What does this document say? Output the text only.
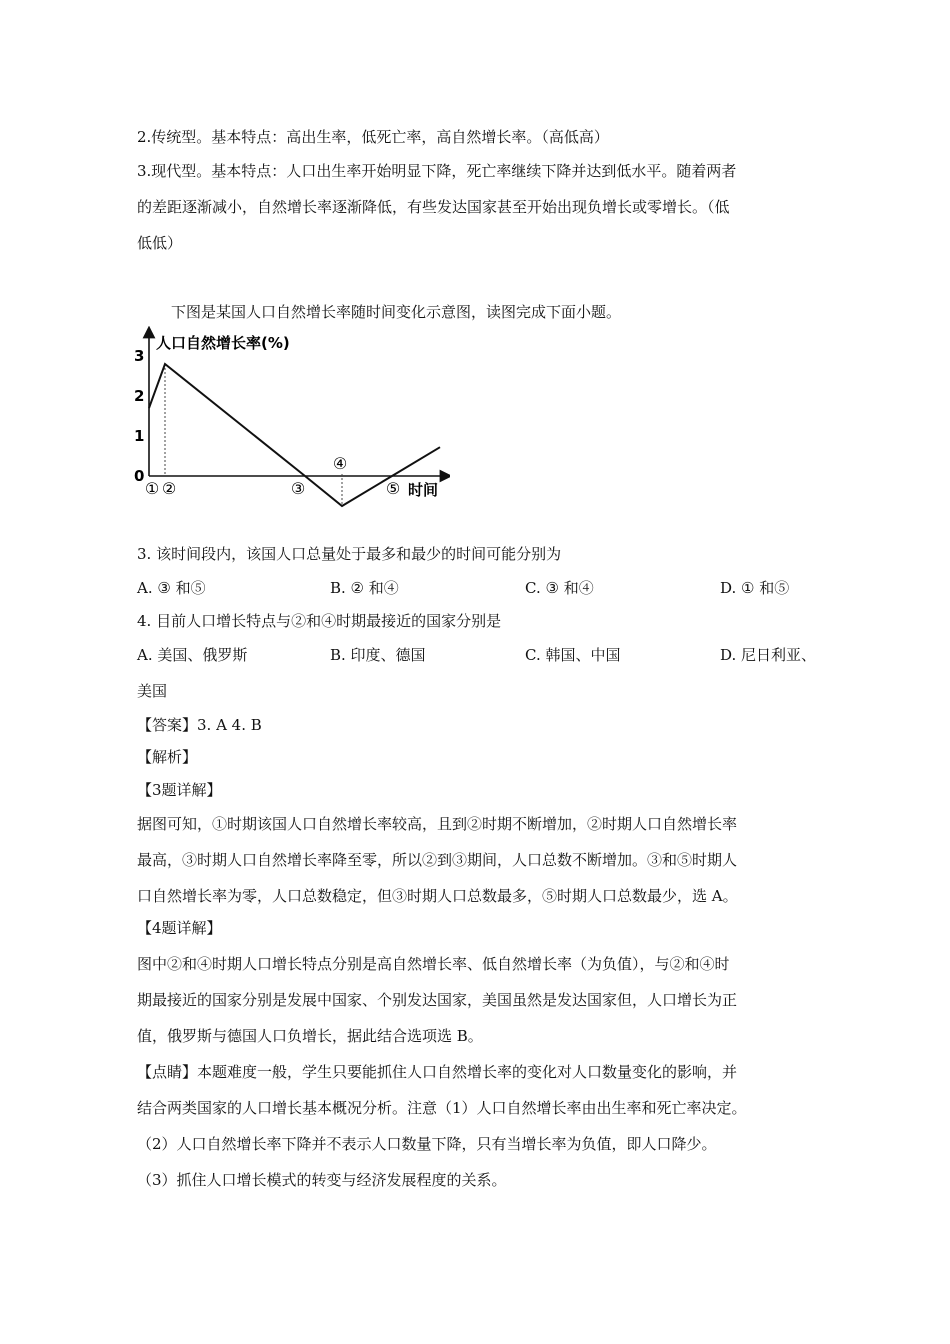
2.传统型。基本特点：高出生率，低死亡率，高自然增长率。（高低高）
3.现代型。基本特点：人口出生率开始明显下降，死亡率继续下降并达到低水平。随着两者
的差距逐渐减小，自然增长率逐渐降低，有些发达国家甚至开始出现负增长或零增长。（低
低低）
下图是某国人口自然增长率随时间变化示意图，读图完成下面小题。
人口自然增长率(%)
0
1
2
3
① ②	③
④
⑤ 时间
3. 该时间段内，该国人口总量处于最多和最少的时间可能分别为
A. ③ 和⑤	B. ② 和④	C. ③ 和④	D. ① 和⑤
4. 目前人口增长特点与②和④时期最接近的国家分别是
A. 美国、俄罗斯	B. 印度、德国	C. 韩国、中国	D. 尼日利亚、
美国
【答案】3. A 4. B
【解析】
【3题详解】
据图可知，①时期该国人口自然增长率较高，且到②时期不断增加，②时期人口自然增长率
最高，③时期人口自然增长率降至零，所以②到③期间，人口总数不断增加。③和⑤时期人
口自然增长率为零，人口总数稳定，但③时期人口总数最多，⑤时期人口总数最少，选 A。
【4题详解】
图中②和④时期人口增长特点分别是高自然增长率、低自然增长率（为负值），与②和④时
期最接近的国家分别是发展中国家、个别发达国家，美国虽然是发达国家但，人口增长为正
值，俄罗斯与德国人口负增长，据此结合选项选 B。
【点睛】本题难度一般，学生只要能抓住人口自然增长率的变化对人口数量变化的影响，并
结合两类国家的人口增长基本概况分析。注意（1）人口自然增长率由出生率和死亡率决定。
（2）人口自然增长率下降并不表示人口数量下降，只有当增长率为负值，即人口降少。
（3）抓住人口增长模式的转变与经济发展程度的关系。
